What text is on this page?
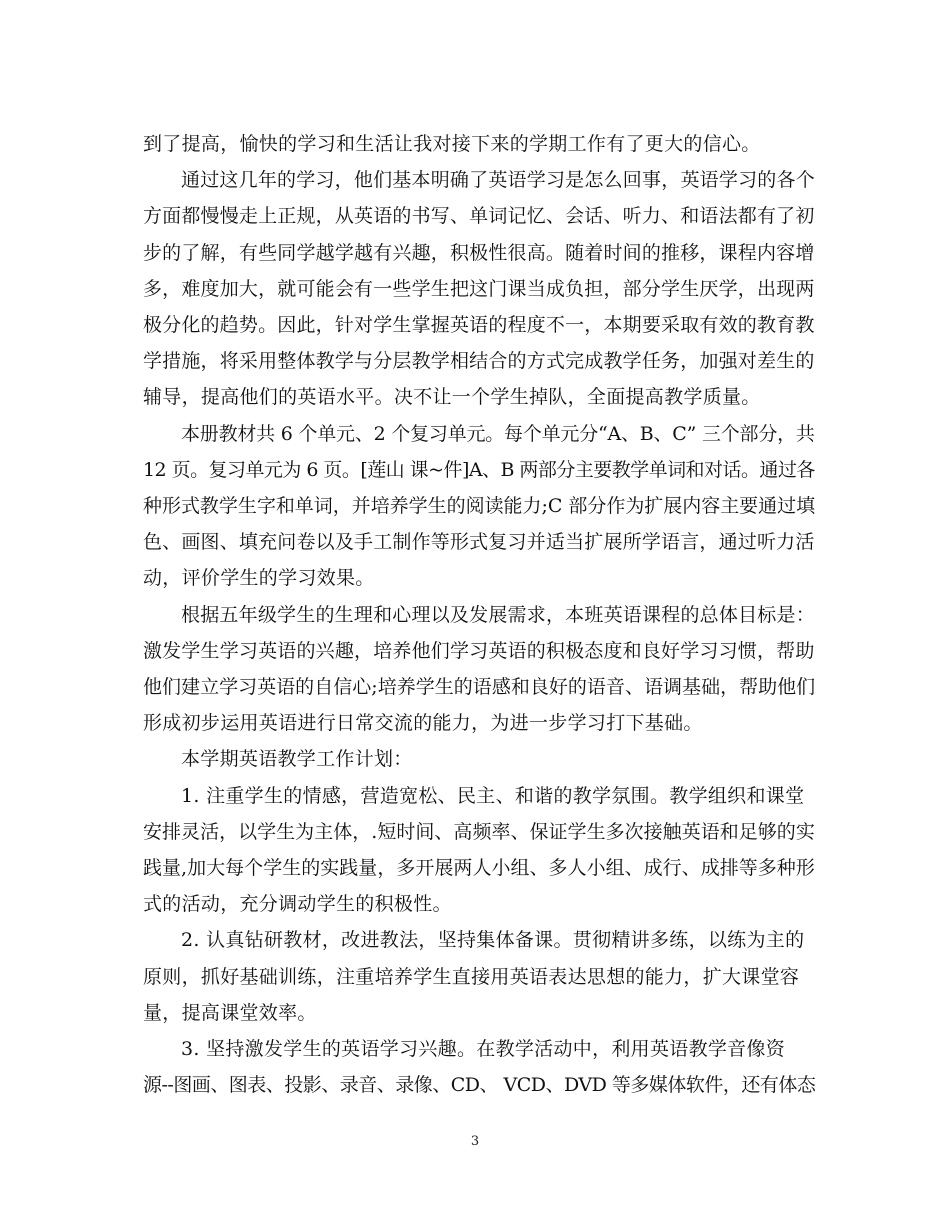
到了提高，愉快的学习和生活让我对接下来的学期工作有了更大的信心。
通过这几年的学习，他们基本明确了英语学习是怎么回事，英语学习的各个
方面都慢慢走上正规，从英语的书写、单词记忆、会话、听力、和语法都有了初
步的了解，有些同学越学越有兴趣，积极性很高。随着时间的推移，课程内容增
多，难度加大，就可能会有一些学生把这门课当成负担，部分学生厌学，出现两
极分化的趋势。因此，针对学生掌握英语的程度不一，本期要采取有效的教育教
学措施，将采用整体教学与分层教学相结合的方式完成教学任务，加强对差生的
辅导，提高他们的英语水平。决不让一个学生掉队，全面提高教学质量。
本册教材共 6 个单元、2 个复习单元。每个单元分“A、B、C” 三个部分，共
12 页。复习单元为 6 页。[莲山 课~件]A、B 两部分主要教学单词和对话。通过各
种形式教学生字和单词，并培养学生的阅读能力;C 部分作为扩展内容主要通过填
色、画图、填充问卷以及手工制作等形式复习并适当扩展所学语言，通过听力活
动，评价学生的学习效果。
根据五年级学生的生理和心理以及发展需求，本班英语课程的总体目标是：
激发学生学习英语的兴趣，培养他们学习英语的积极态度和良好学习习惯，帮助
他们建立学习英语的自信心;培养学生的语感和良好的语音、语调基础，帮助他们
形成初步运用英语进行日常交流的能力，为进一步学习打下基础。
本学期英语教学工作计划：
1. 注重学生的情感，营造宽松、民主、和谐的教学氛围。教学组织和课堂
安排灵活，以学生为主体，.短时间、高频率、保证学生多次接触英语和足够的实
践量,加大每个学生的实践量，多开展两人小组、多人小组、成行、成排等多种形
式的活动，充分调动学生的积极性。
2. 认真钻研教材，改进教法，坚持集体备课。贯彻精讲多练，以练为主的
原则，抓好基础训练，注重培养学生直接用英语表达思想的能力，扩大课堂容
量，提高课堂效率。
3. 坚持激发学生的英语学习兴趣。在教学活动中，利用英语教学音像资
源--图画、图表、投影、录音、录像、CD、 VCD、DVD 等多媒体软件，还有体态
3
